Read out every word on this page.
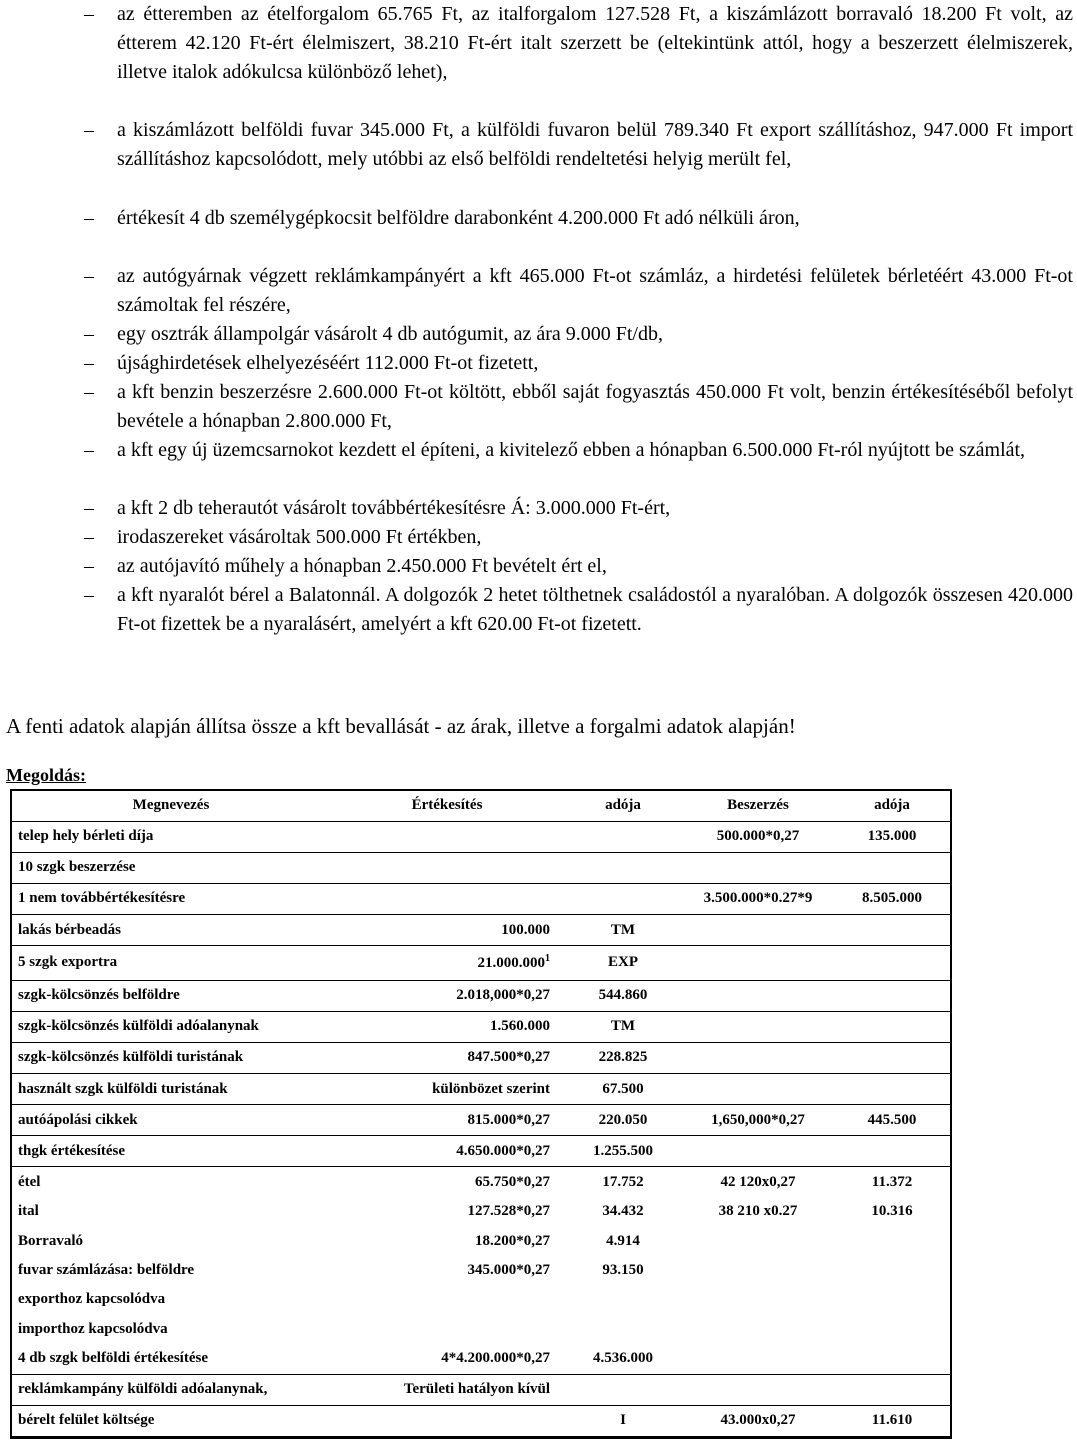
– az étteremben az ételforgalom 65.765 Ft, az italforgalom 127.528 Ft, a kiszámlázott borravaló 18.200 Ft volt, az étterem 42.120 Ft-ért élelmiszert, 38.210 Ft-ért italt szerzett be (eltekintünk attól, hogy a beszerzett élelmiszerek, illetve italok adókulcsa különböző lehet),
– a kiszámlázott belföldi fuvar 345.000 Ft, a külföldi fuvaron belül 789.340 Ft export szállításhoz, 947.000 Ft import szállításhoz kapcsolódott, mely utóbbi az első belföldi rendeltetési helyig merült fel,
– értékesít 4 db személygépkocsit belföldre darabonként 4.200.000 Ft adó nélküli áron,
– az autógyárnak végzett reklámkampányért a kft 465.000 Ft-ot számláz, a hirdetési felületek bérletéért 43.000 Ft-ot számoltak fel részére,
– egy osztrák állampolgár vásárolt 4 db autógumit, az ára 9.000 Ft/db,
– újsághirdetések elhelyezéséért 112.000 Ft-ot fizetett,
– a kft benzin beszerzésre 2.600.000 Ft-ot költött, ebből saját fogyasztás 450.000 Ft volt, benzin értékesítéséből befolyt bevétele a hónapban 2.800.000 Ft,
– a kft egy új üzemcsarnokot kezdett el építeni, a kivitelező ebben a hónapban 6.500.000 Ft-ról nyújtott be számlát,
– a kft 2 db teherautót vásárolt továbbértékesítésre Á: 3.000.000 Ft-ért,
– irodaszereket vásároltak 500.000 Ft értékben,
– az autójavító műhely a hónapban 2.450.000 Ft bevételt ért el,
– a kft nyaralót bérel a Balatonnál. A dolgozók 2 hetet tölthetnek családostól a nyaralóban. A dolgozók összesen 420.000 Ft-ot fizettek be a nyaralásért, amelyért a kft 620.00 Ft-ot fizetett.
A fenti adatok alapján állítsa össze a kft bevallását - az árak, illetve a forgalmi adatok alapján!
Megoldás:
Megnevezés	Értékesítés	adója	Beszerzés	adója
telep hely bérleti díja			500.000*0,27	135.000
10 szgk beszerzése				
1 nem továbbértékesítésre			3.500.000*0.27*9	8.505.000
lakás bérbeadás	100.000	TM		
5 szgk exportra	21.000.000$^1$	EXP		
szgk-kölcsönzés belföldre	2.018,000*0,27	544.860		
szgk-kölcsönzés külföldi adóalanynak	1.560.000	TM		
szgk-kölcsönzés külföldi turistának	847.500*0,27	228.825		
használt szgk külföldi turistának	különbözet szerint	67.500		
autóápolási cikkek	815.000*0,27	220.050	1,650,000*0,27	445.500
thgk értékesítése	4.650.000*0,27	1.255.500		
étel	65.750*0,27	17.752	42 120x0,27	11.372
ital	127.528*0,27	34.432	38 210 x0.27	10.316
Borravaló	18.200*0,27	4.914		
fuvar számlázása: belföldre	345.000*0,27	93.150		
exporthoz kapcsolódva				
importhoz kapcsolódva				
4 db szgk belföldi értékesítése	4*4.200.000*0,27	4.536.000		
reklámkampány külföldi adóalanynak,	Területi hatályon kívül			
bérelt felület költsége		I	43.000x0,27	11.610
